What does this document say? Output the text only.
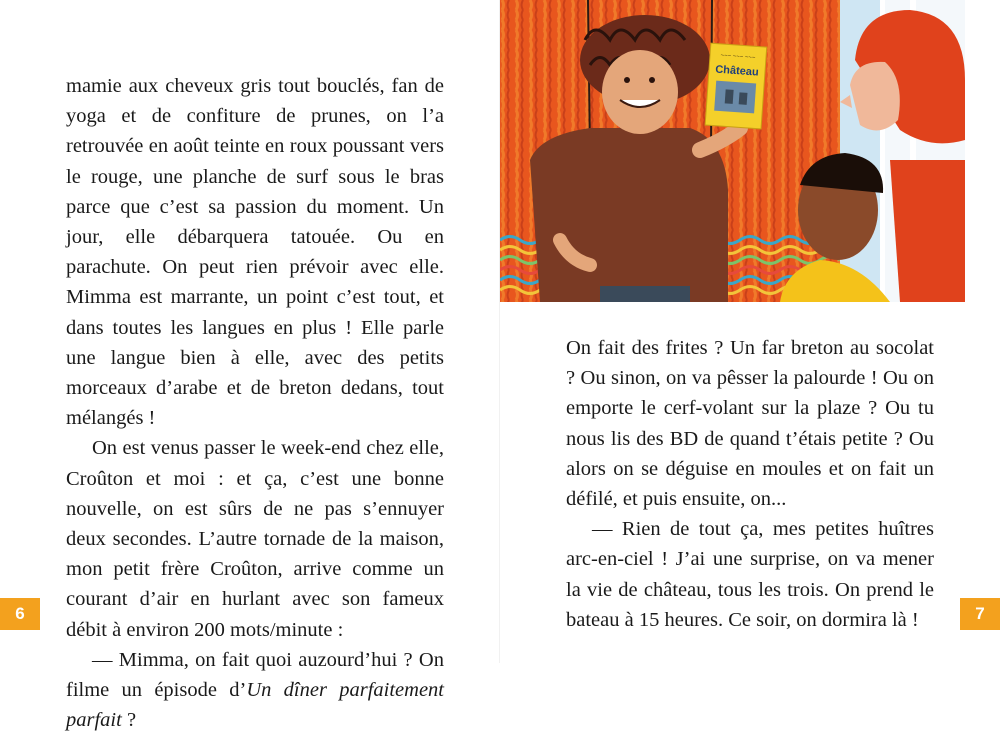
mamie aux cheveux gris tout bouclés, fan de yoga et de confiture de prunes, on l’a retrouvée en août teinte en roux poussant vers le rouge, une planche de surf sous le bras parce que c’est sa passion du moment. Un jour, elle débarquera tatouée. Ou en parachute. On peut rien prévoir avec elle. Mimma est marrante, un point c’est tout, et dans toutes les langues en plus ! Elle parle une langue bien à elle, avec des petits morceaux d’arabe et de breton dedans, tout mélangés !

On est venus passer le week-end chez elle, Croûton et moi : et ça, c’est une bonne nouvelle, on est sûrs de ne pas s’ennuyer deux secondes. L’autre tornade de la maison, mon petit frère Croûton, arrive comme un courant d’air en hurlant avec son fameux débit à environ 200 mots/minute :

— Mimma, on fait quoi auzourd’hui ? On filme un épisode d’Un dîner parfaitement parfait ?

6
~~~ ~~~ ~~~
Château

On fait des frites ? Un far breton au socolat ? Ou sinon, on va pêsser la palourde ! Ou on emporte le cerf-volant sur la plaze ? Ou tu nous lis des BD de quand t’étais petite ? Ou alors on se déguise en moules et on fait un défilé, et puis ensuite, on...

— Rien de tout ça, mes petites huîtres arc-en-ciel ! J’ai une surprise, on va mener la vie de château, tous les trois. On prend le bateau à 15 heures. Ce soir, on dormira là !	7
